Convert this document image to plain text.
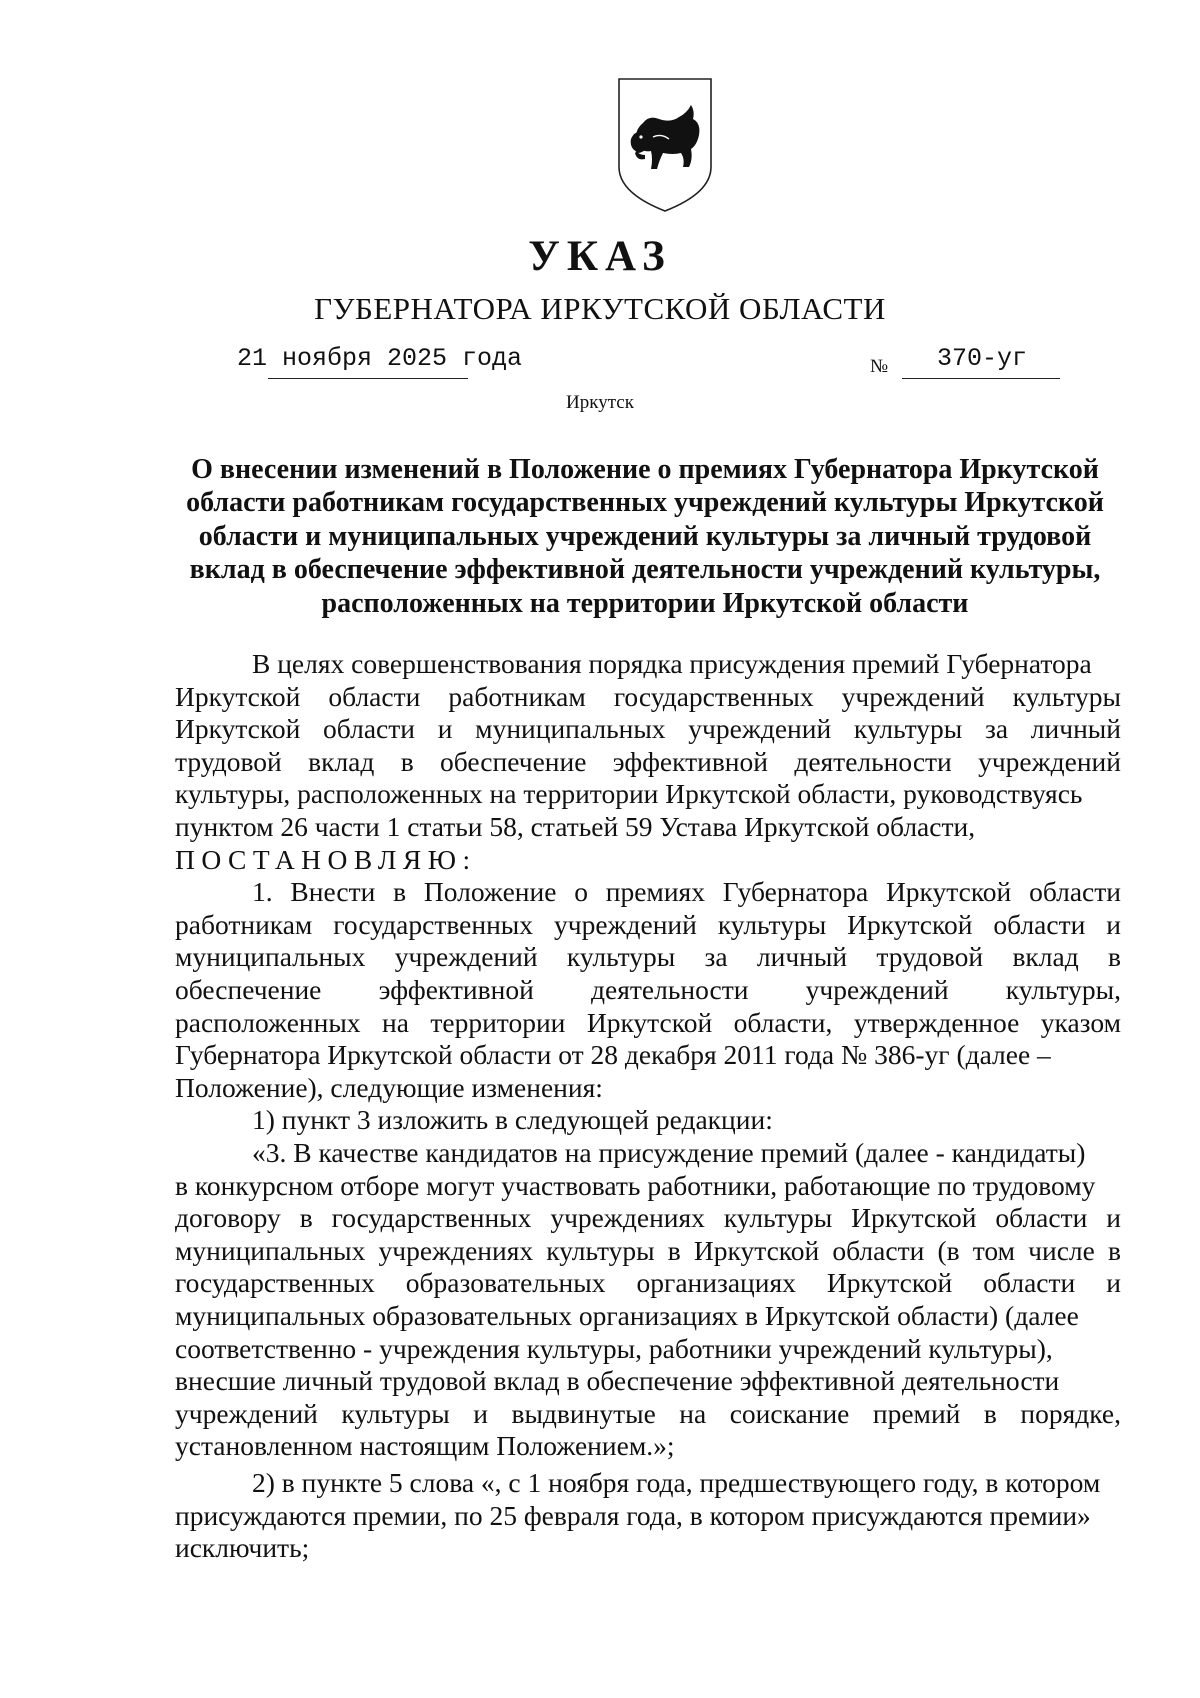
УКАЗ
ГУБЕРНАТОРА ИРКУТСКОЙ ОБЛАСТИ
21 ноября 2025 года	№ 370-уг
Иркутск
О внесении изменений в Положение о премиях Губернатора Иркутской
области работникам государственных учреждений культуры Иркутской
области и муниципальных учреждений культуры за личный трудовой
вклад в обеспечение эффективной деятельности учреждений культуры,
расположенных на территории Иркутской области
В целях совершенствования порядка присуждения премий Губернатора
Иркутской области работникам государственных учреждений культуры
Иркутской области и муниципальных учреждений культуры за личный
трудовой вклад в обеспечение эффективной деятельности учреждений
культуры, расположенных на территории Иркутской области, руководствуясь
пунктом 26 части 1 статьи 58, статьей 59 Устава Иркутской области,
ПОСТАНОВЛЯЮ:
1. Внести в Положение о премиях Губернатора Иркутской области
работникам государственных учреждений культуры Иркутской области и
муниципальных учреждений культуры за личный трудовой вклад в
обеспечение эффективной деятельности учреждений культуры,
расположенных на территории Иркутской области, утвержденное указом
Губернатора Иркутской области от 28 декабря 2011 года № 386-уг (далее –
Положение), следующие изменения:
1) пункт 3 изложить в следующей редакции:
«3. В качестве кандидатов на присуждение премий (далее - кандидаты)
в конкурсном отборе могут участвовать работники, работающие по трудовому
договору в государственных учреждениях культуры Иркутской области и
муниципальных учреждениях культуры в Иркутской области (в том числе в
государственных образовательных организациях Иркутской области и
муниципальных образовательных организациях в Иркутской области) (далее
соответственно - учреждения культуры, работники учреждений культуры),
внесшие личный трудовой вклад в обеспечение эффективной деятельности
учреждений культуры и выдвинутые на соискание премий в порядке,
установленном настоящим Положением.»;
2) в пункте 5 слова «, с 1 ноября года, предшествующего году, в котором
присуждаются премии, по 25 февраля года, в котором присуждаются премии»
исключить;
